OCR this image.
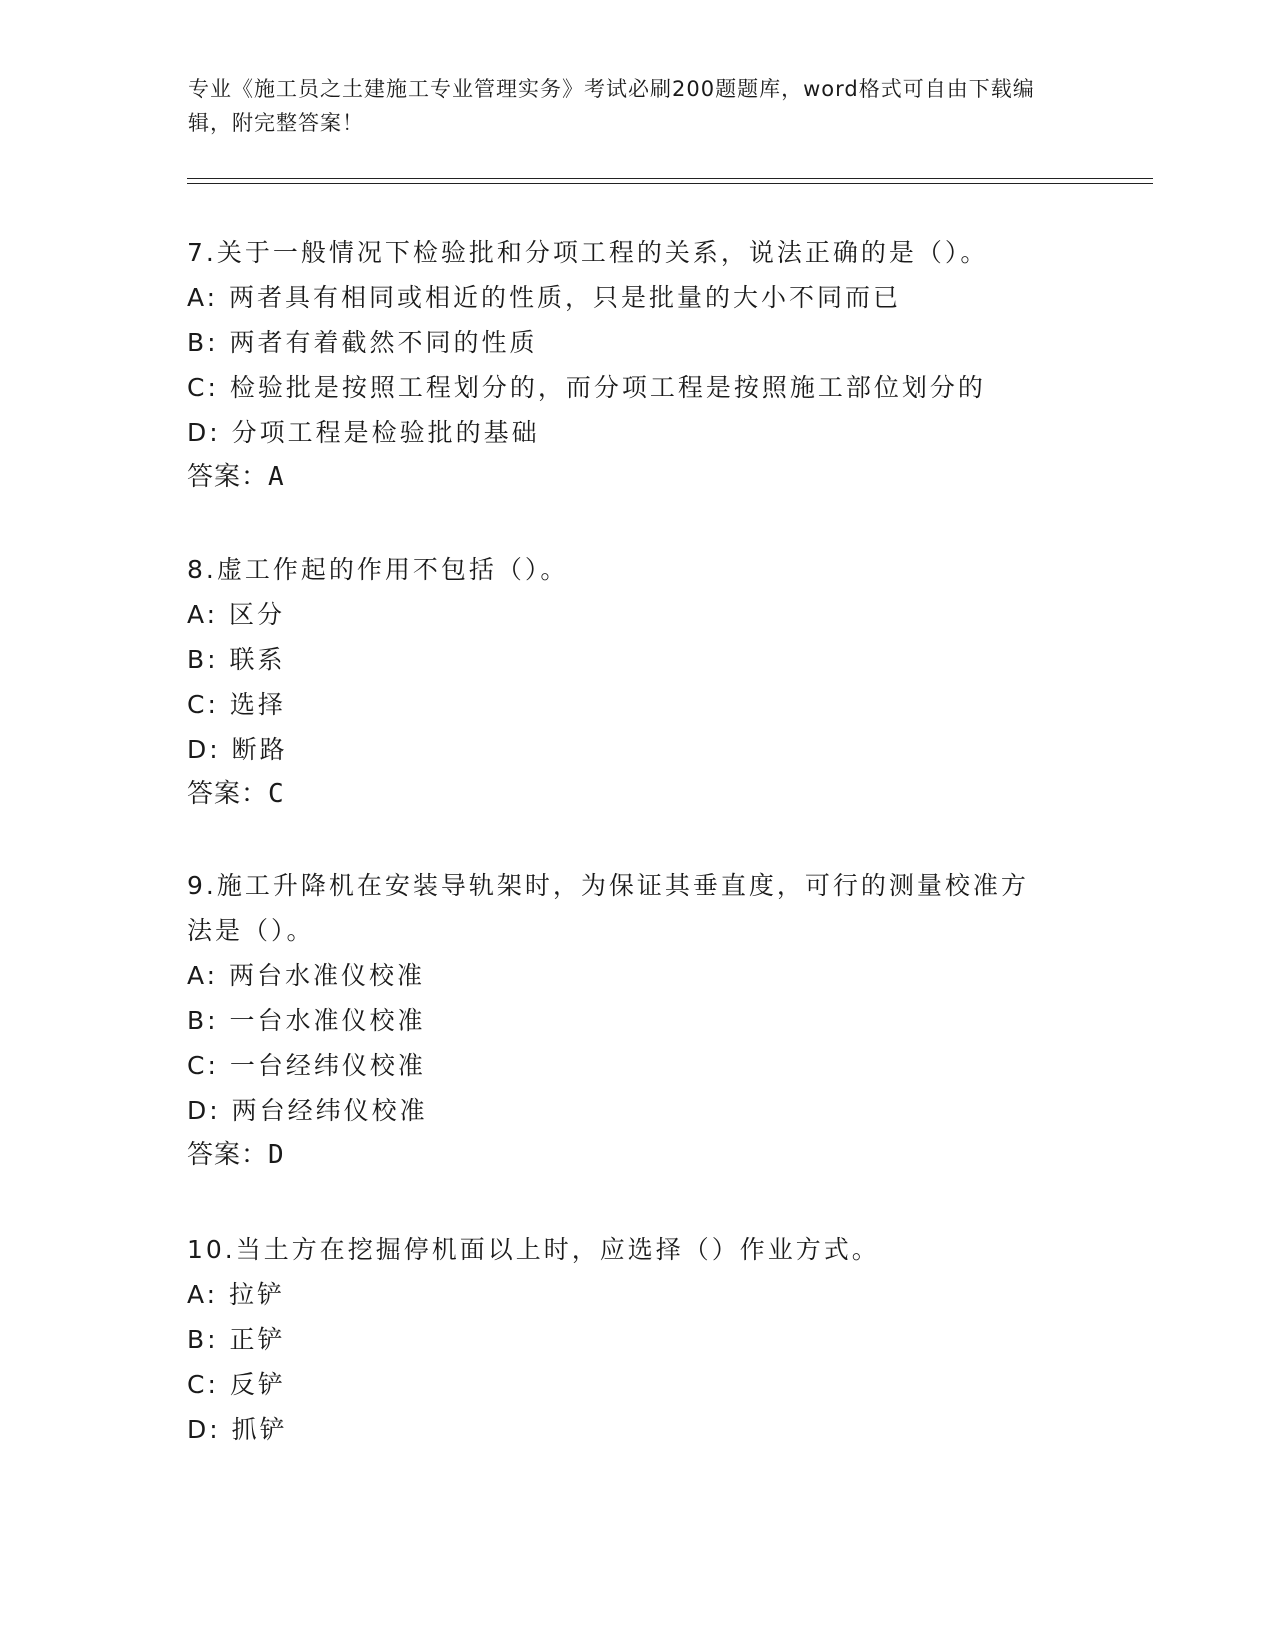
专业《施工员之土建施工专业管理实务》考试必刷200题题库，word格式可自由下载编辑，附完整答案！

7.关于一般情况下检验批和分项工程的关系，说法正确的是（）。

A: 两者具有相同或相近的性质，只是批量的大小不同而已

B: 两者有着截然不同的性质

C: 检验批是按照工程划分的，而分项工程是按照施工部位划分的

D: 分项工程是检验批的基础

答案：A

8.虚工作起的作用不包括（）。

A: 区分

B: 联系

C: 选择

D: 断路

答案：C

9.施工升降机在安装导轨架时，为保证其垂直度，可行的测量校准方法是（）。

A: 两台水准仪校准

B: 一台水准仪校准

C: 一台经纬仪校准

D: 两台经纬仪校准

答案：D

10.当土方在挖掘停机面以上时，应选择（）作业方式。

A: 拉铲

B: 正铲

C: 反铲

D: 抓铲
